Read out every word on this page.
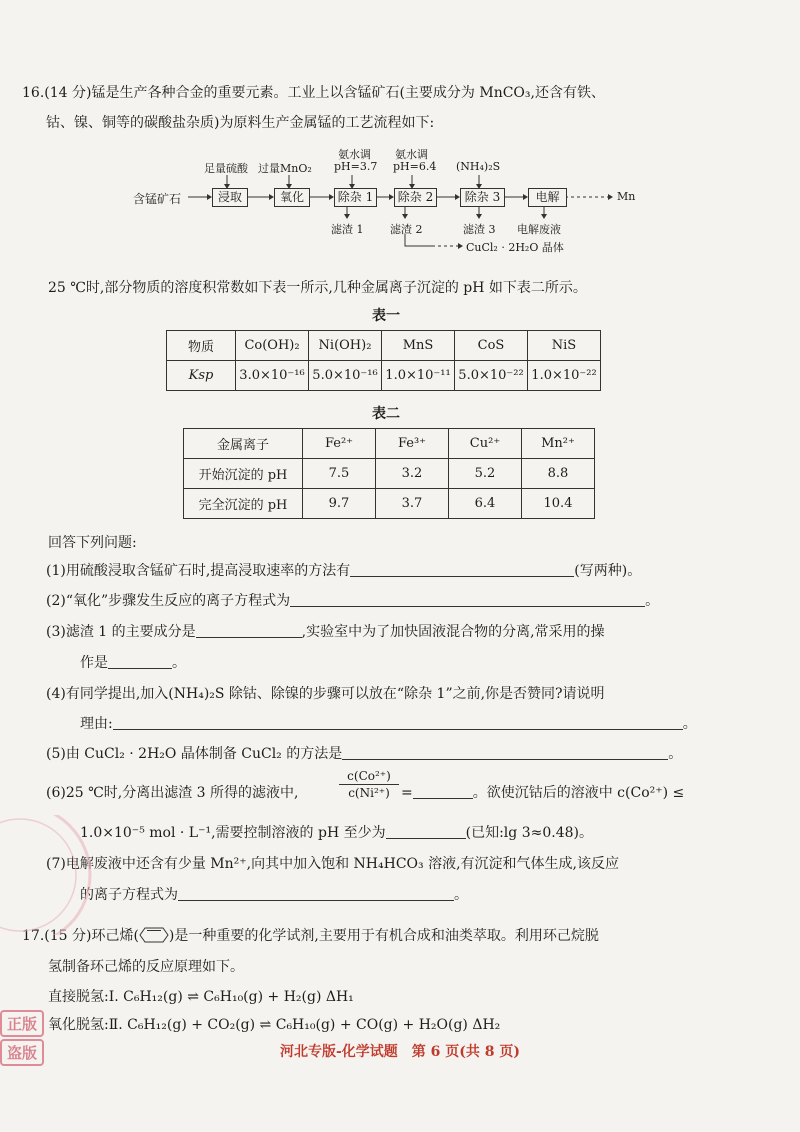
16.(14 分)锰是生产各种合金的重要元素。工业上以含锰矿石(主要成分为 MnCO₃,还含有铁、
钴、镍、铜等的碳酸盐杂质)为原料生产金属锰的工艺流程如下:
含锰矿石	浸取	氧化	除杂 1	除杂 2	除杂 3	电解
足量硫酸 过量MnO₂
氨水调
pH=3.7
氨水调
pH=6.4 (NH₄)₂S
滤渣 1 滤渣 2	滤渣 3 电解废液
Mn
CuCl₂ · 2H₂O 晶体
25 ℃时,部分物质的溶度积常数如下表一所示,几种金属离子沉淀的 pH 如下表二所示。
表一
物质	Co(OH)₂	Ni(OH)₂	MnS	CoS	NiS
Ksp	3.0×10⁻¹⁶	5.0×10⁻¹⁶	1.0×10⁻¹¹	5.0×10⁻²²	1.0×10⁻²²
表二
金属离子	Fe²⁺	Fe³⁺	Cu²⁺	Mn²⁺
开始沉淀的 pH	7.5	3.2	5.2	8.8
完全沉淀的 pH	9.7	3.7	6.4	10.4
回答下列问题:
(1)用硫酸浸取含锰矿石时,提高浸取速率的方法有	(写两种)。
(2)“氧化”步骤发生反应的离子方程式为	。
(3)滤渣 1 的主要成分是	,实验室中为了加快固液混合物的分离,常采用的操
作是	。
(4)有同学提出,加入(NH₄)₂S 除钴、除镍的步骤可以放在“除杂 1”之前,你是否赞同?请说明
理由:	。
(5)由 CuCl₂ · 2H₂O 晶体制备 CuCl₂ 的方法是	。
(6)25 ℃时,分离出滤渣 3 所得的滤液中,	$\frac{\text{c(Co²⁺)}}{\text{c(Ni²⁺)}}$ =	。欲使沉钴后的溶液中 c(Co²⁺) ≤
1.0×10⁻⁵ mol · L⁻¹,需要控制溶液的 pH 至少为	(已知:lg 3≈0.48)。
(7)电解废液中还含有少量 Mn²⁺,向其中加入饱和 NH₄HCO₃ 溶液,有沉淀和气体生成,该反应
的离子方程式为	。
17.(15 分)环己烯( )是一种重要的化学试剂,主要用于有机合成和油类萃取。利用环己烷脱
氢制备环己烯的反应原理如下。
直接脱氢:Ⅰ. C₆H₁₂(g) ⇌ C₆H₁₀(g) + H₂(g) ΔH₁
氧化脱氢:Ⅱ. C₆H₁₂(g) + CO₂(g) ⇌ C₆H₁₀(g) + CO(g) + H₂O(g) ΔH₂
正版
盗版	河北专版-化学试题　第 6 页(共 8 页)
